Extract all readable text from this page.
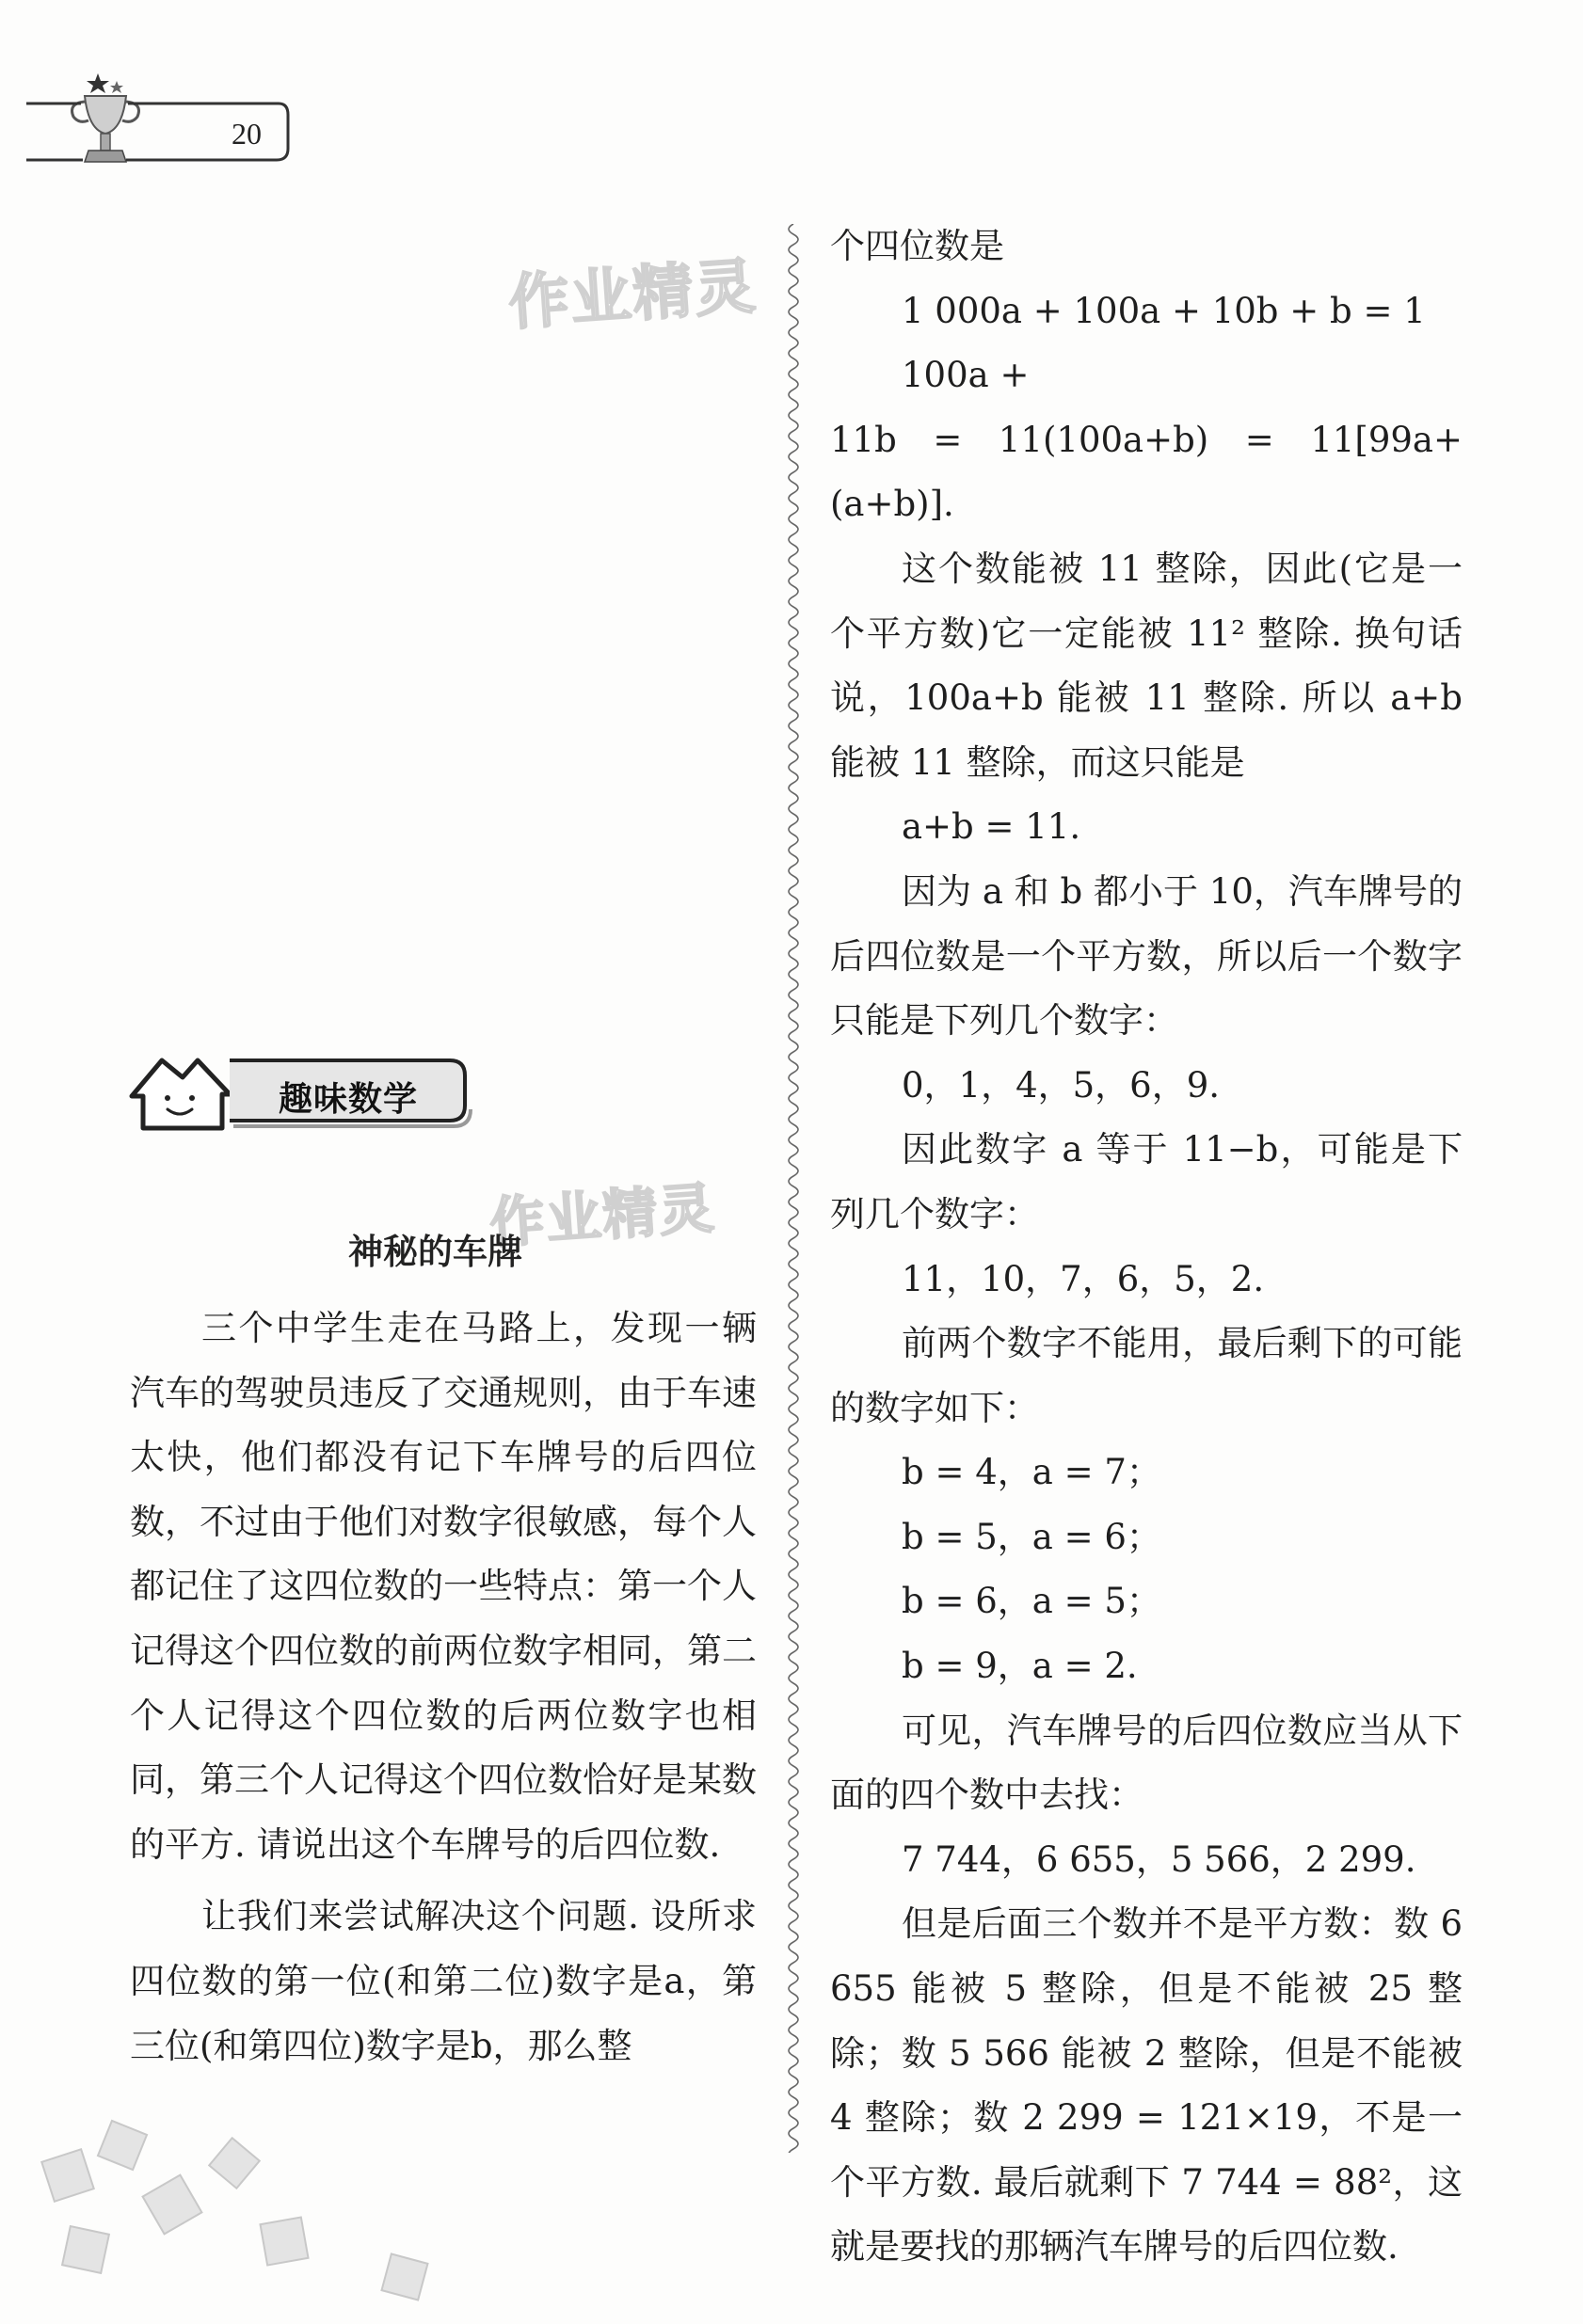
20
作业精灵
作业精灵
趣味数学
神秘的车牌

三个中学生走在马路上，发现一辆汽车的驾驶员违反了交通规则，由于车速太快，他们都没有记下车牌号的后四位数，不过由于他们对数字很敏感，每个人都记住了这四位数的一些特点：第一个人记得这个四位数的前两位数字相同，第二个人记得这个四位数的后两位数字也相同，第三个人记得这个四位数恰好是某数的平方. 请说出这个车牌号的后四位数.

让我们来尝试解决这个问题. 设所求四位数的第一位(和第二位)数字是a，第三位(和第四位)数字是b，那么整

个四位数是

1 000a + 100a + 10b + b = 1 100a +

11b = 11(100a+b) = 11[99a+(a+b)].

这个数能被 11 整除，因此(它是一个平方数)它一定能被 11² 整除. 换句话说，100a+b 能被 11 整除. 所以 a+b 能被 11 整除，而这只能是

a+b = 11.

因为 a 和 b 都小于 10，汽车牌号的后四位数是一个平方数，所以后一个数字只能是下列几个数字：

0，1，4，5，6，9.

因此数字 a 等于 11−b，可能是下列几个数字：

11，10，7，6，5，2.

前两个数字不能用，最后剩下的可能的数字如下：

b = 4，a = 7；

b = 5，a = 6；

b = 6，a = 5；

b = 9，a = 2.

可见，汽车牌号的后四位数应当从下面的四个数中去找：

7 744，6 655，5 566，2 299.

但是后面三个数并不是平方数：数 6 655 能被 5 整除，但是不能被 25 整除；数 5 566 能被 2 整除，但是不能被 4 整除；数 2 299 = 121×19，不是一个平方数. 最后就剩下 7 744 = 88²，这就是要找的那辆汽车牌号的后四位数.
